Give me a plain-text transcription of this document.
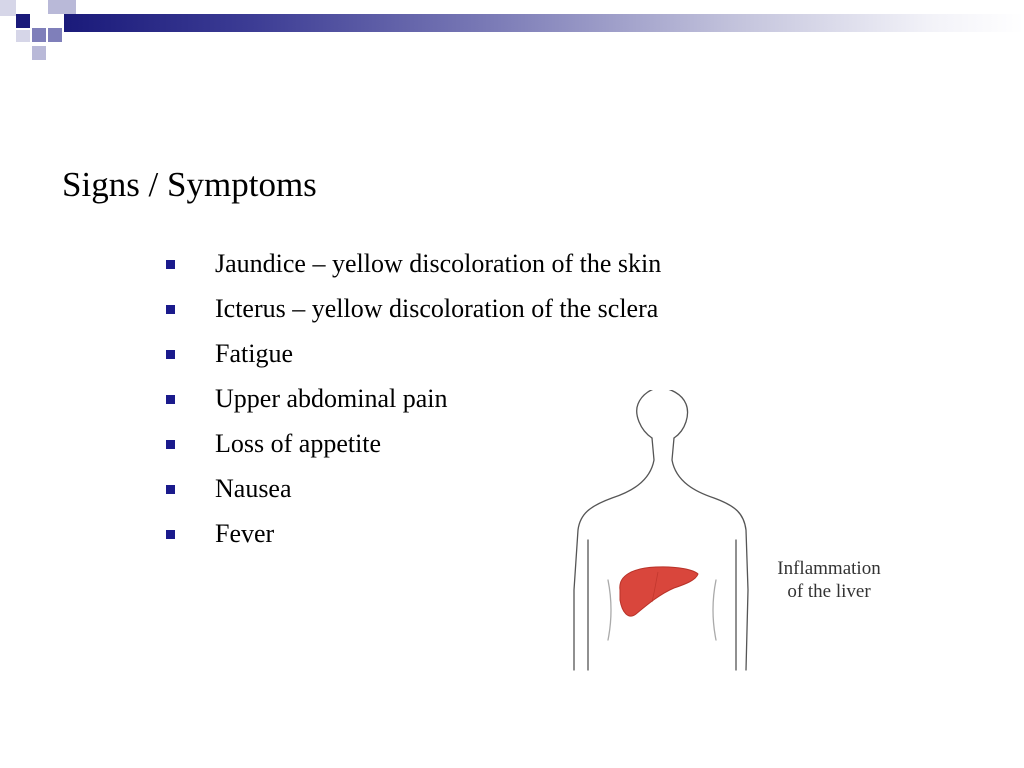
Signs / Symptoms
Jaundice – yellow discoloration of the skin
Icterus – yellow discoloration of the sclera
Fatigue
Upper abdominal pain
Loss of appetite
Nausea
Fever
Inflammation
of the liver
